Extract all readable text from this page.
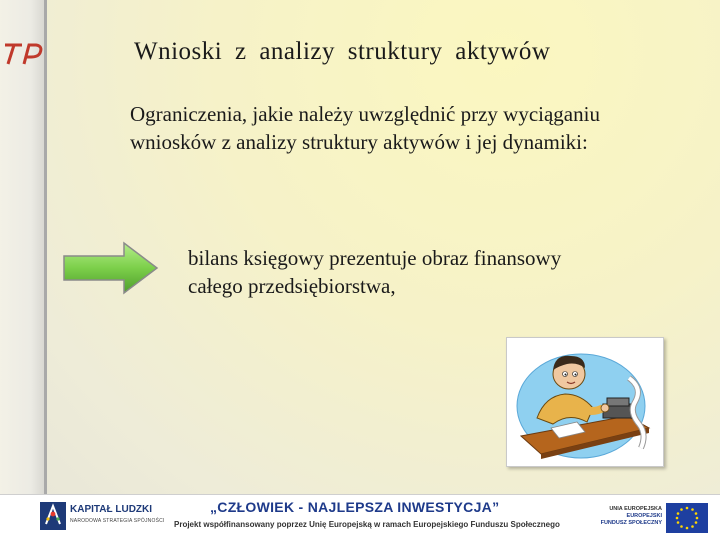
Wnioski z analizy struktury aktywów
Ograniczenia, jakie należy uwzględnić przy wyciąganiu wniosków z analizy struktury aktywów i jej dynamiki:
bilans księgowy prezentuje obraz finansowy całego przedsiębiorstwa,
KAPITAŁ LUDZKI
NARODOWA STRATEGIA SPÓJNOŚCI
„CZŁOWIEK - NAJLEPSZA INWESTYCJA”
Projekt współfinansowany poprzez Unię Europejską w ramach Europejskiego Funduszu Społecznego
UNIA EUROPEJSKA
EUROPEJSKI
FUNDUSZ SPOŁECZNY
